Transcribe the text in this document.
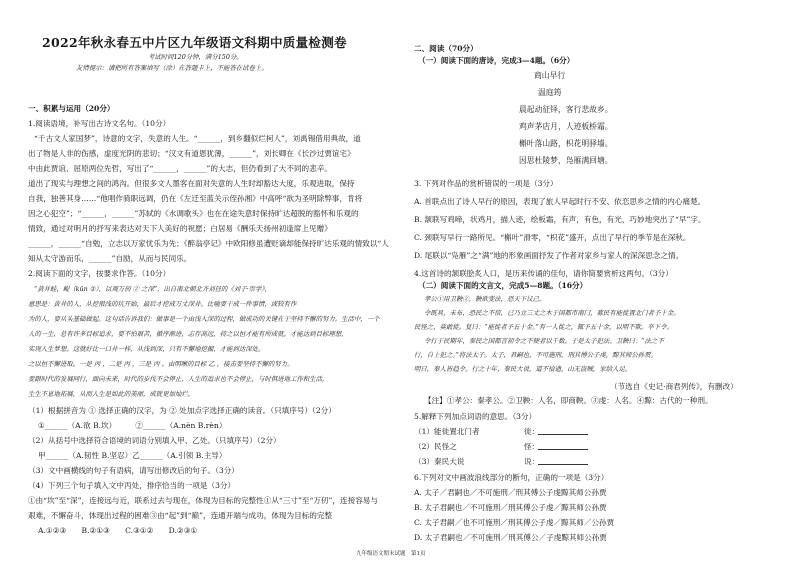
2022年秋永春五中片区九年级语文科期中质量检测卷
考试时间120分钟，满分150分。
友情提示：请把所有答案填写（涂）在答题卡上，不能答在试卷上。
一、积累与运用（20分）
1.阅读语境，补写出古诗文名句。（10分）
“千古文人家国梦”，诗意的文字，失意的人生。“______，到乡翻似烂柯人”，刘禹锡借用典故，道
出了物是人非的伤感，虚度光阴的悲切；“汉文有道恩犹薄，______”，刘长卿在《长沙过贾谊宅》
中由此贾谊、屈原两位先哲，写出了“______，______”的大志，但仍看到了大不同的悲辛。
道出了现实与理想之间的鸿沟。但很多文人墨客在面对失意的人生时却豁达大度，乐观进取，保持
自我，独善其身……“他唱作骑职远调，仍在《左迁至蓝关示侄孙湘》中高呼“欲为圣明除弊事，肯将
因之心犯空”；“______，______”苏轼的《水调歌头》也在在途失意时保持旷达超脱的豁怀和乐观的
情致，通过对明月的抒写来表达对天下人美好的祝愿；白居易《酬乐天扬州初逢席上见赠》
______，______“自勉，立志以万家忧乐为先；《醉翁亭记》中欧阳修虽遭贬谪却能保持旷达乐观的情致以“人
知从太守游而乐，______”自励，从而与民同乐。
2.阅读下面的文字，按要求作答。（10分）
“黄井蛙，鲲（kūn ①），以观万仞 ② 之深”，出自南北朝北齐刘昼的《刘子·崇学》，
意思是：黄井的人，从挖很浅的坑开始，最后才挖成万丈深井。比喻要干成一件事情，或较有作
为的人，要从头基础做起。这句话告诉我们：做事是一个由浅入深的过程，做成功的关键在于坚持不懈的努力。生活中，一个
人的一生，总有许多目标追求，要不怕艰苦，循序渐进，志存高远，持之以恒才能有所成就。才能达到目标理想，
实现人生梦想。这就好比一口井一样，从浅到深，只有不懈地挖掘，才能到达深处。
之以恒不懈进取。一是 丙 ，二是 丙 ，三是 丙 。由明晰的目标 乙 ，接击要坚持不懈的努力。
要跟时代的发展同行，面向未来，时代的步伐不会停止，人生的追求也不会停止，与时俱进地工作和生活，
生生不息地拓展，从而人生是如此的美丽，成就更加灿烂。
（1）根据拼音为 ① 选择正确的汉字，为 ② 处加点字选择正确的读音。（只填序号）（2分）
①______（A.欲 B.坎）　　　②______（A.nèn B.rèn）
（2）从括号中选择符合语境的词语分别填入甲、乙处。（只填序号）（2分）
甲______（A.韧性 B.坚忍）乙______（A.引领 B.主导）
（3）文中画横线的句子有语病，请写出修改后的句子。（3分）
（4）下列三个句子填入文中丙处，排序恰当的一项是（3分）
①由“坎”至“深”，连接远与近，联系过去与现在，体现为目标的完整性①从“三寸”至“万仞”，连接容易与
艰难，不懈奋斗，体现出过程的困难③由“起”到“巅”，连通开端与成功，体现为目标的完整
A.①②③　　B.②①③　　C.③①②　　D.②③①
二、阅读（70分）
（一）阅读下面的唐诗，完成3—4题。（6分）
商山早行
温庭筠
晨起动征铎，客行悲故乡。
鸡声茅店月，人迹板桥霜。
槲叶落山路，枳花明驿墙。
因思杜陵梦，凫雁满回塘。
3. 下列对作品的赏析错误的一项是（3分）
A. 首联点出了诗人早行的原因，表现了旅人早起时行不安、依恋思乡之情的内心痛楚。
B. 颔联写鸡啼，状鸡月，描人迹，绘板霜，有声，有色，有光，巧妙地突出了“早”字。
C. 颈联写早行一路所见。“槲叶”滑零，“枳花”盛开，点出了早行的季节是在深秋。
D. 尾联以“凫雁”之“满”地的形象画面抒发了作者对家乡与家人的深深思念之情。
4.这首诗的颔联脍炙人口，是历来传诵的佳句，请你简要赏析这两句。（3分）
（二）阅读下面的文言文，完成5—8题。（16分）
孝公①用卫鞅②，鞅欲变法，恐天下议己。
令既具，未布，恐民之不信，已乃立三丈之木于国都市南门，募民有能徙置北门者予十金。
民怪之，莫敢徙。复曰：“能徙者予五十金。”有一人徙之，辄予五十金，以明不欺。卒下令。
令行于民期年，秦民之国都言初令之不便者以千数。于是太子犯法。卫鞅曰：“法之不
行，自上犯之。”将法太子。太子，君嗣也，不可施刑，刑其傅公子虔，黥其师公孙贾。
明日，秦人皆趋令。行之十年，秦民大说，道不拾遗，山无盗贼，家给人足。
（节选自《史记·商君列传》，有删改）
【注】①孝公：秦孝公。②卫鞅：人名，即商鞅。③虔：人名。④黥：古代的一种刑。
5.解释下列加点词语的意思。（3分）
（1）能徙置北门者	徙：
（2）民怪之	怪：
（3）秦民大说	说：
6.下列对文中画波浪线部分的断句，正确的一项是（3分）
A. 太子／君嗣也／不可施刑／刑其傅公子虔黥其师公孙贾
B. 太子君嗣也／不可施刑／刑其傅公子虔／黥其师公孙贾
C. 太子君嗣／也不可施刑／刑其傅公子虔／黥其师／公孙贾
D. 太子君嗣也／不可施刑／刑其傅公／子虔黥其师公孙贾
九年级语文期末试题　第1页
